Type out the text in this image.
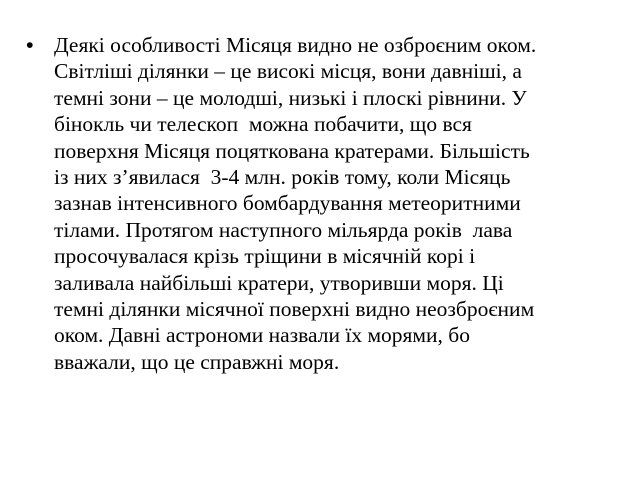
• Деякі особливості Місяця видно не озброєним оком.
Світліші ділянки – це високі місця, вони давніші, а
темні зони – це молодші, низькі і плоскі рівнини. У
бінокль чи телескоп  можна побачити, що вся
поверхня Місяця поцяткована кратерами. Більшість
із них з’явилася  3-4 млн. років тому, коли Місяць
зазнав інтенсивного бомбардування метеоритними
тілами. Протягом наступного мільярда років  лава
просочувалася крізь тріщини в місячній корі і
заливала найбільші кратери, утворивши моря. Ці
темні ділянки місячної поверхні видно неозброєним
оком. Давні астрономи назвали їх морями, бо
вважали, що це справжні моря.
